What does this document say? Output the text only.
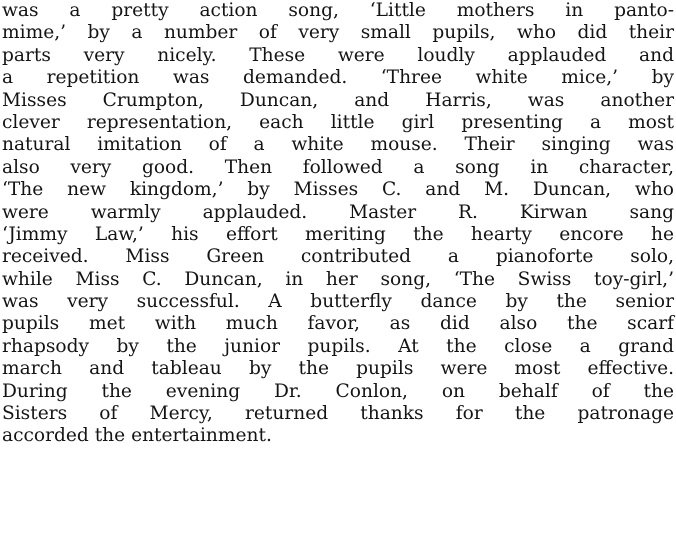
was a pretty action song, ‘Little mothers in panto-
mime,’ by a number of very small pupils, who did their
parts very nicely. These were loudly applauded and
a repetition was demanded. ‘Three white mice,’ by
Misses Crumpton, Duncan, and Harris, was another
clever representation, each little girl presenting a most
natural imitation of a white mouse. Their singing was
also very good. Then followed a song in character,
‘The new kingdom,’ by Misses C. and M. Duncan, who
were warmly applauded. Master R. Kirwan sang
‘Jimmy Law,’ his effort meriting the hearty encore he
received. Miss Green contributed a pianoforte solo,
while Miss C. Duncan, in her song, ‘The Swiss toy-girl,’
was very successful. A butterfly dance by the senior
pupils met with much favor, as did also the scarf
rhapsody by the junior pupils. At the close a grand
march and tableau by the pupils were most effective.
During the evening Dr. Conlon, on behalf of the
Sisters of Mercy, returned thanks for the patronage
accorded the entertainment.
